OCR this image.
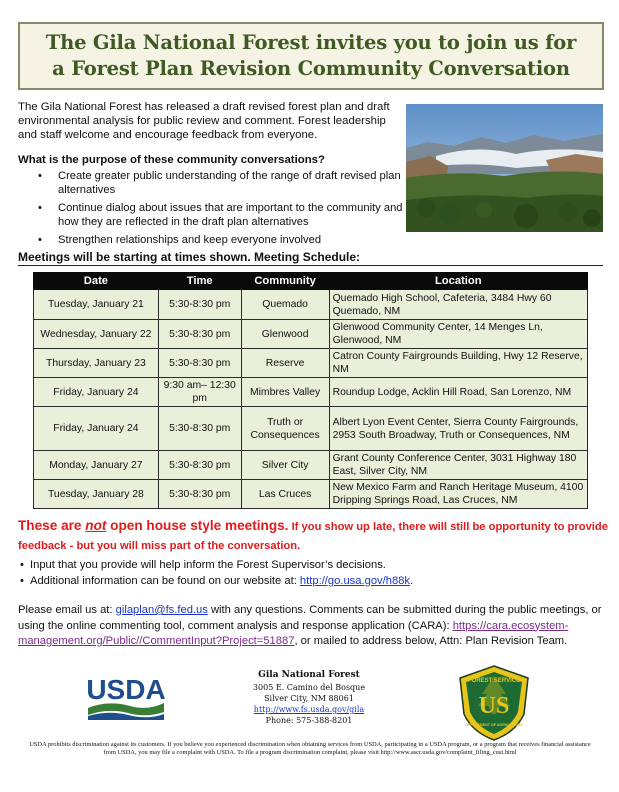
The Gila National Forest invites you to join us for
a Forest Plan Revision Community Conversation

The Gila National Forest has released a draft revised forest plan and draft environmental analysis for public review and comment. Forest leadership and staff welcome and encourage feedback from everyone.

What is the purpose of these community conversations?
• Create greater public understanding of the range of draft revised plan alternatives
• Continue dialog about issues that are important to the community and how they are reflected in the draft plan alternatives
• Strengthen relationships and keep everyone involved
Meetings will be starting at times shown. Meeting Schedule:
Date	Time	Community	Location
Tuesday, January 21	5:30-8:30 pm	Quemado	Quemado High School, Cafeteria, 3484 Hwy 60 Quemado, NM
Wednesday, January 22	5:30-8:30 pm	Glenwood	Glenwood Community Center, 14 Menges Ln, Glenwood, NM
Thursday, January 23	5:30-8:30 pm	Reserve	Catron County Fairgrounds Building, Hwy 12 Reserve, NM
Friday, January 24	9:30 am– 12:30 pm	Mimbres Valley	Roundup Lodge, Acklin Hill Road, San Lorenzo, NM
Friday, January 24	5:30-8:30 pm	Truth or Consequences	Albert Lyon Event Center, Sierra County Fairgrounds, 2953 South Broadway, Truth or Consequences, NM
Monday, January 27	5:30-8:30 pm	Silver City	Grant County Conference Center, 3031 Highway 180 East, Silver City, NM
Tuesday, January 28	5:30-8:30 pm	Las Cruces	New Mexico Farm and Ranch Heritage Museum, 4100 Dripping Springs Road, Las Cruces, NM
These are not open house style meetings. If you show up late, there will still be opportunity to provide feedback - but you will miss part of the conversation.
• Input that you provide will help inform the Forest Supervisor’s decisions.
• Additional information can be found on our website at: http://go.usa.gov/h88k.

Please email us at: gilaplan@fs.fed.us with any questions. Comments can be submitted during the public meetings, or using the online commenting tool, comment analysis and response application (CARA): https://cara.ecosystem-management.org/Public//CommentInput?Project=51887, or mailed to address below, Attn: Plan Revision Team.

USDA	Gila National Forest
3005 E. Camino del Bosque
Silver City, NM 88061
http://www.fs.usda.gov/gila
Phone: 575-388-8201
FOREST SERVICE
US
DEPARTMENT OF AGRICULTURE

USDA prohibits discrimination against its customers. If you believe you experienced discrimination when obtaining services from USDA, participating in a USDA program, or a program that receives financial assistance from USDA, you may file a complaint with USDA. To file a program discrimination complaint, please visit http://www.ascr.usda.gov/complaint_filing_cust.html
